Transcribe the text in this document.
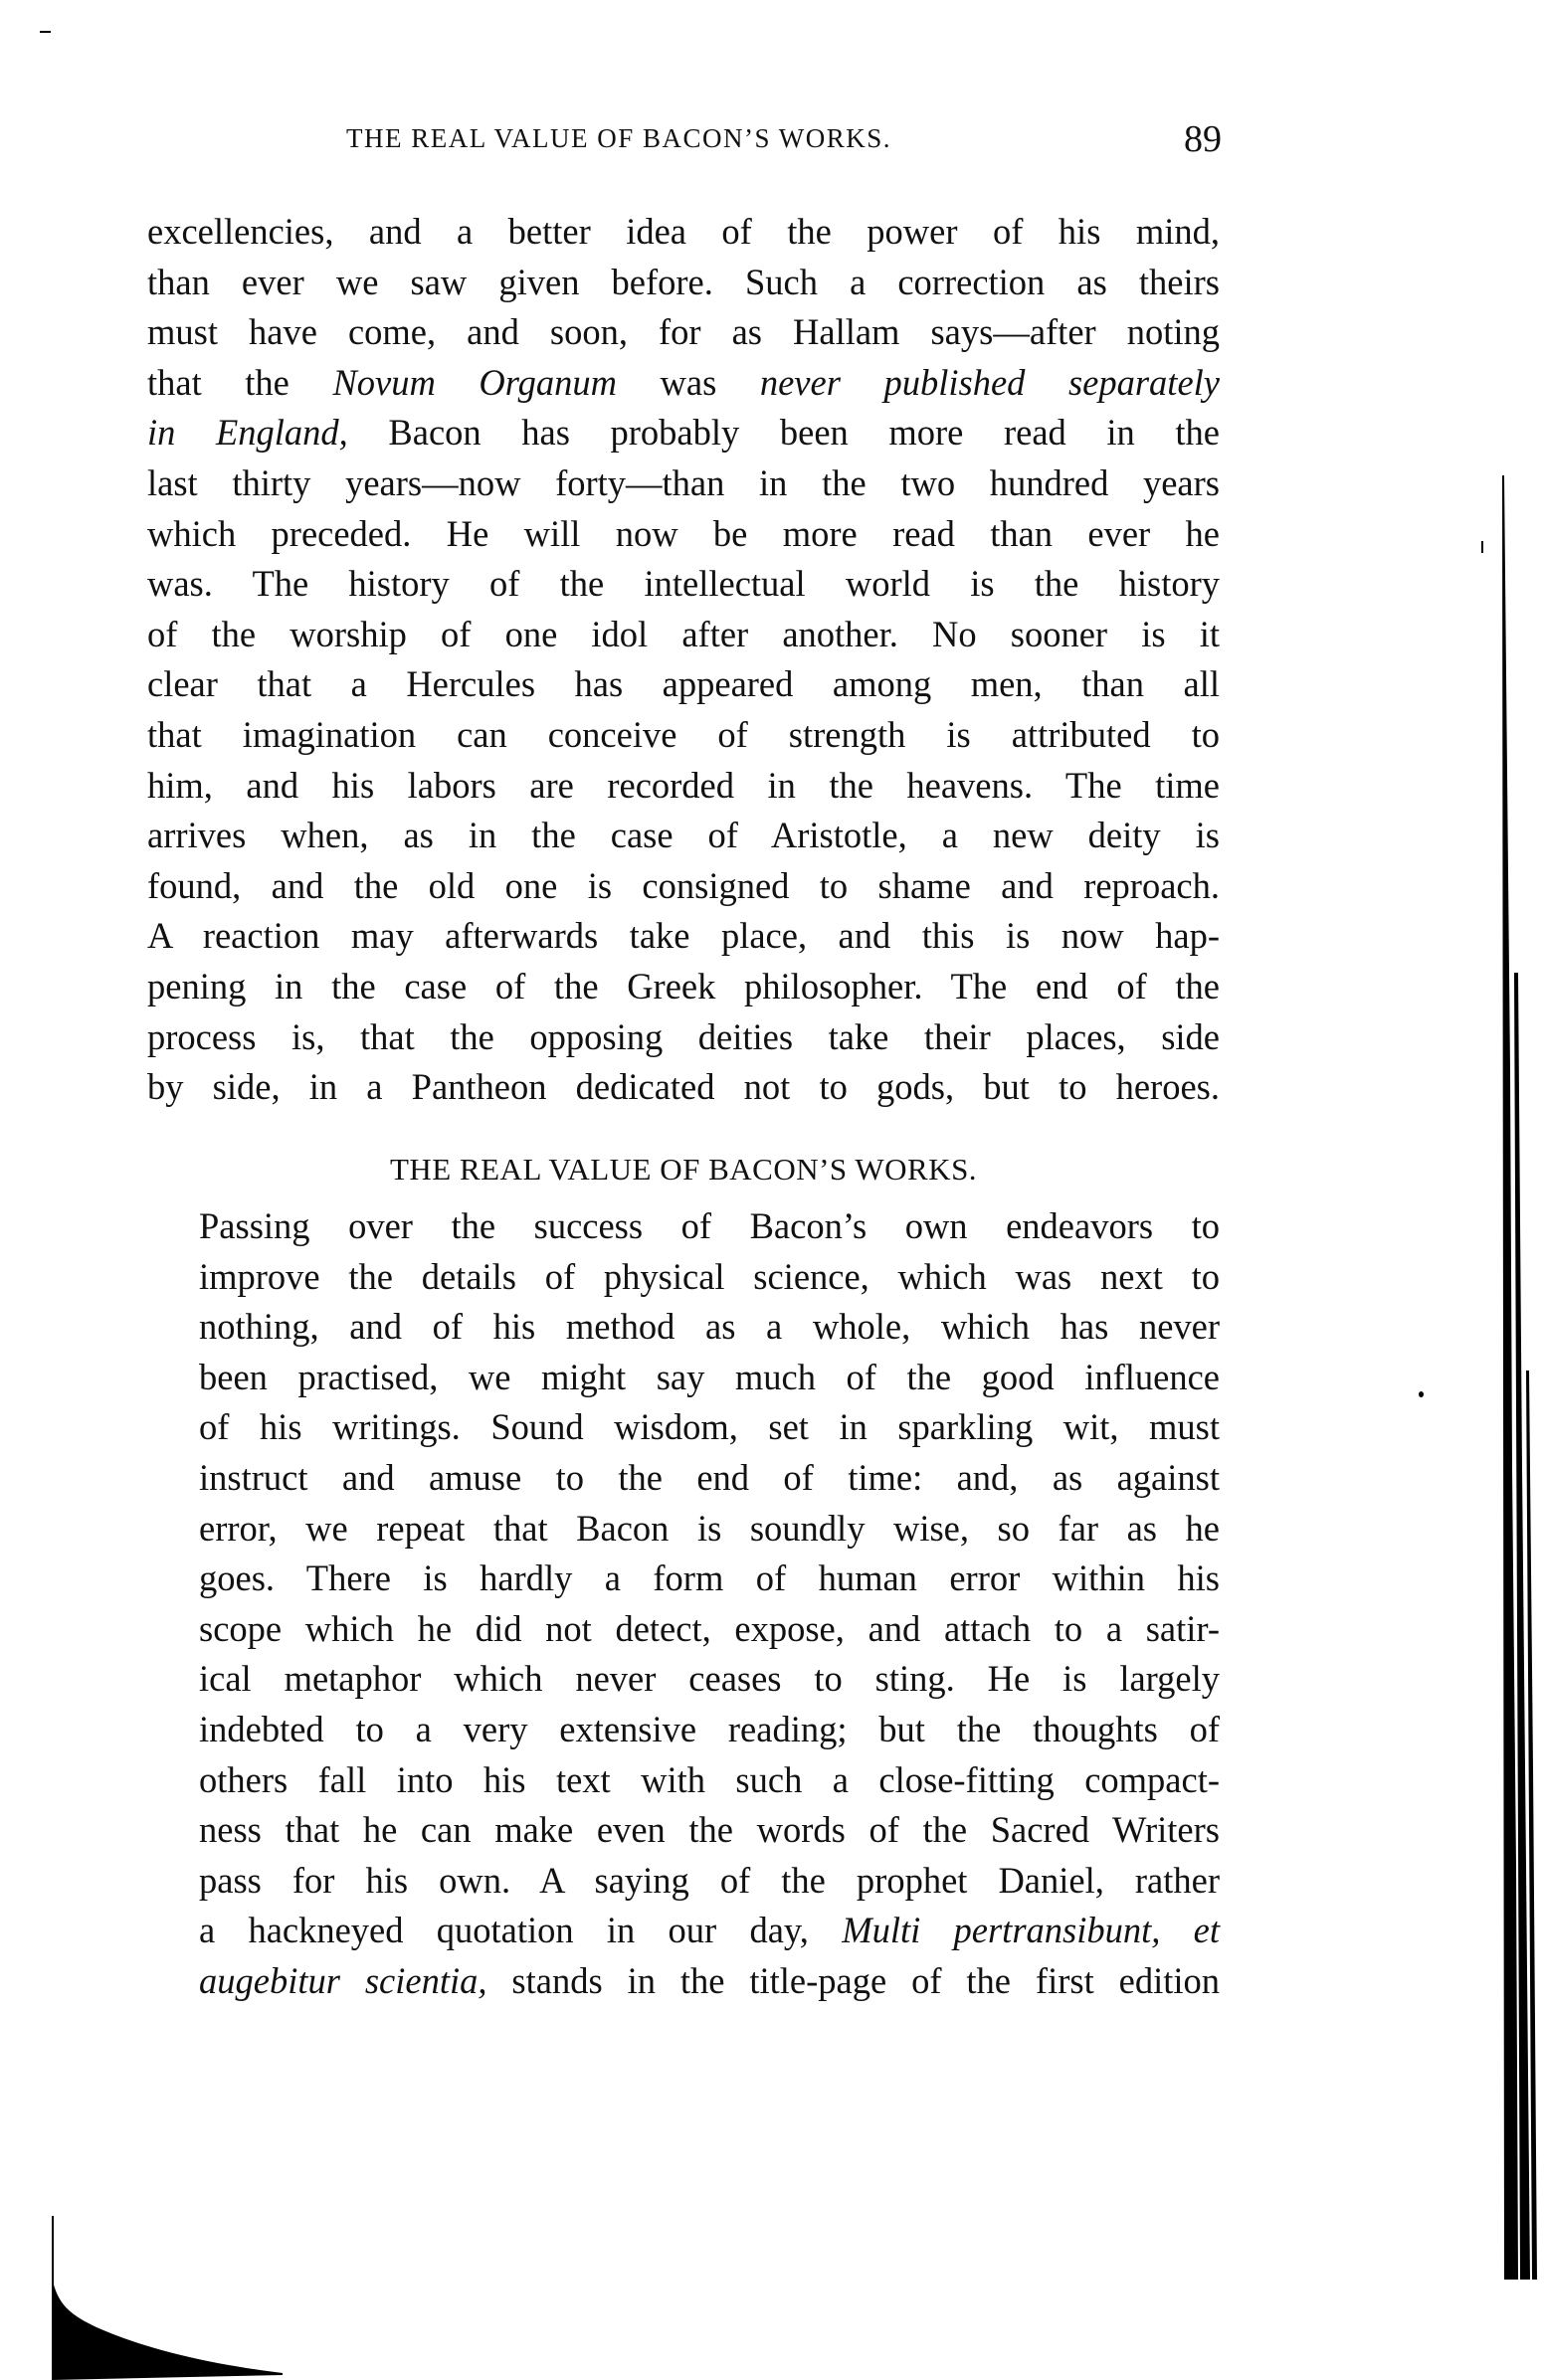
THE REAL VALUE OF BACON’S WORKS.	89
excellencies, and a better idea of the power of his mind,
than ever we saw given before. Such a correction as theirs
must have come, and soon, for as Hallam says—after noting
that the Novum Organum was never published separately
in England, Bacon has probably been more read in the
last thirty years—now forty—than in the two hundred years
which preceded. He will now be more read than ever he
was. The history of the intellectual world is the history
of the worship of one idol after another. No sooner is it
clear that a Hercules has appeared among men, than all
that imagination can conceive of strength is attributed to
him, and his labors are recorded in the heavens. The time
arrives when, as in the case of Aristotle, a new deity is
found, and the old one is consigned to shame and reproach.
A reaction may afterwards take place, and this is now hap-
pening in the case of the Greek philosopher. The end of the
process is, that the opposing deities take their places, side
by side, in a Pantheon dedicated not to gods, but to heroes.
THE REAL VALUE OF BACON’S WORKS.
Passing over the success of Bacon’s own endeavors to
improve the details of physical science, which was next to
nothing, and of his method as a whole, which has never
been practised, we might say much of the good influence
of his writings. Sound wisdom, set in sparkling wit, must
instruct and amuse to the end of time: and, as against
error, we repeat that Bacon is soundly wise, so far as he
goes. There is hardly a form of human error within his
scope which he did not detect, expose, and attach to a satir-
ical metaphor which never ceases to sting. He is largely
indebted to a very extensive reading; but the thoughts of
others fall into his text with such a close-fitting compact-
ness that he can make even the words of the Sacred Writers
pass for his own. A saying of the prophet Daniel, rather
a hackneyed quotation in our day, Multi pertransibunt, et
augebitur scientia, stands in the title-page of the first edition
